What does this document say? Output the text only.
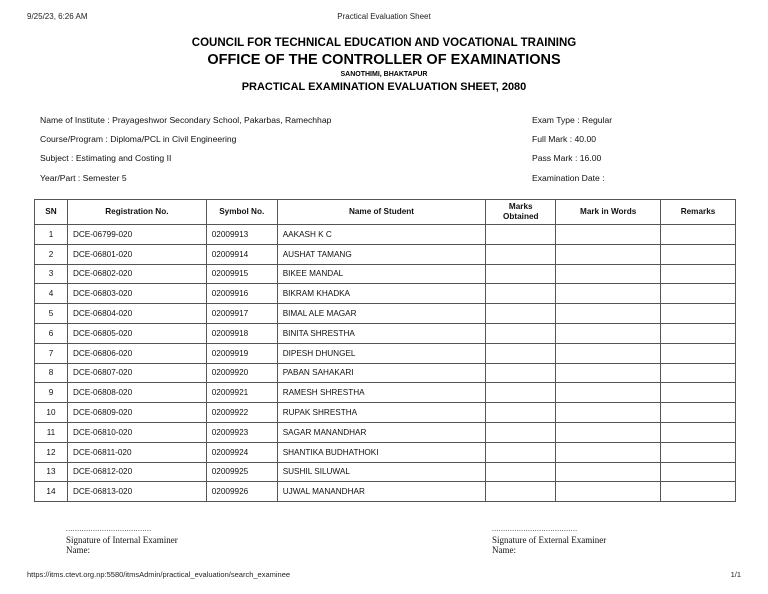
9/25/23, 6:26 AM	Practical Evaluation Sheet
COUNCIL FOR TECHNICAL EDUCATION AND VOCATIONAL TRAINING
OFFICE OF THE CONTROLLER OF EXAMINATIONS
SANOTHIMI, BHAKTAPUR
PRACTICAL EXAMINATION EVALUATION SHEET, 2080
Name of Institute : Prayageshwor Secondary School, Pakarbas, Ramechhap
Course/Program : Diploma/PCL in Civil Engineering
Subject : Estimating and Costing II
Year/Part : Semester 5
Exam Type : Regular
Full Mark : 40.00
Pass Mark : 16.00
Examination Date :
SN	Registration No.	Symbol No.	Name of Student	Marks Obtained	Mark in Words	Remarks
1	DCE-06799-020	02009913	AAKASH K C			
2	DCE-06801-020	02009914	AUSHAT TAMANG			
3	DCE-06802-020	02009915	BIKEE MANDAL			
4	DCE-06803-020	02009916	BIKRAM KHADKA			
5	DCE-06804-020	02009917	BIMAL ALE MAGAR			
6	DCE-06805-020	02009918	BINITA SHRESTHA			
7	DCE-06806-020	02009919	DIPESH DHUNGEL			
8	DCE-06807-020	02009920	PABAN SAHAKARI			
9	DCE-06808-020	02009921	RAMESH SHRESTHA			
10	DCE-06809-020	02009922	RUPAK SHRESTHA			
11	DCE-06810-020	02009923	SAGAR MANANDHAR			
12	DCE-06811-020	02009924	SHANTIKA BUDHATHOKI			
13	DCE-06812-020	02009925	SUSHIL SILUWAL			
14	DCE-06813-020	02009926	UJWAL MANANDHAR			
......................................
Signature of Internal Examiner
Name:
......................................
Signature of External Examiner
Name:
https://itms.ctevt.org.np:5580/itmsAdmin/practical_evaluation/search_examinee	1/1
